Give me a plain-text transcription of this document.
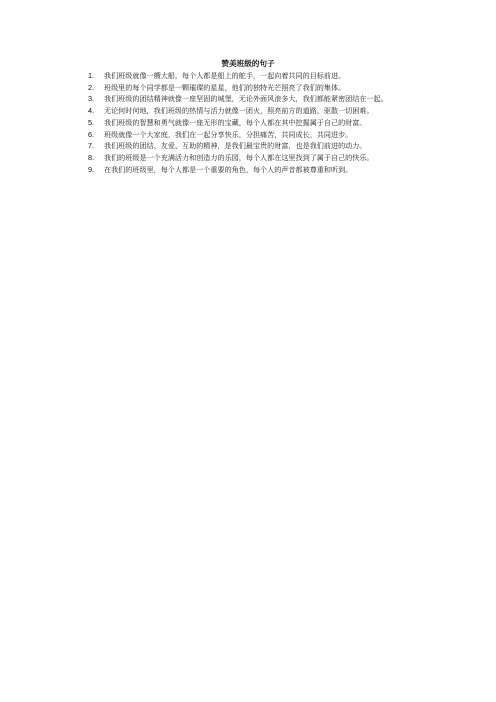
赞美班级的句子
1.	我们班级就像一艘大船，每个人都是船上的舵手，一起向着共同的目标前进。
2.	班级里的每个同学都是一颗璀璨的星星，他们的独特光芒照亮了我们的集体。
3.	我们班级的团结精神就像一座坚固的城堡，无论外面风浪多大，我们都能紧密团结在一起。
4.	无论何时何地，我们班级的热情与活力就像一团火，照亮前方的道路，驱散一切困难。
5.	我们班级的智慧和勇气就像一座无形的宝藏，每个人都在其中挖掘属于自己的财富。
6.	班级就像一个大家庭，我们在一起分享快乐，分担痛苦，共同成长，共同进步。
7.	我们班级的团结、友爱、互助的精神，是我们最宝贵的财富，也是我们前进的动力。
8.	我们的班级是一个充满活力和创造力的乐园，每个人都在这里找到了属于自己的快乐。
9.	在我们的班级里，每个人都是一个重要的角色，每个人的声音都被尊重和听到。
